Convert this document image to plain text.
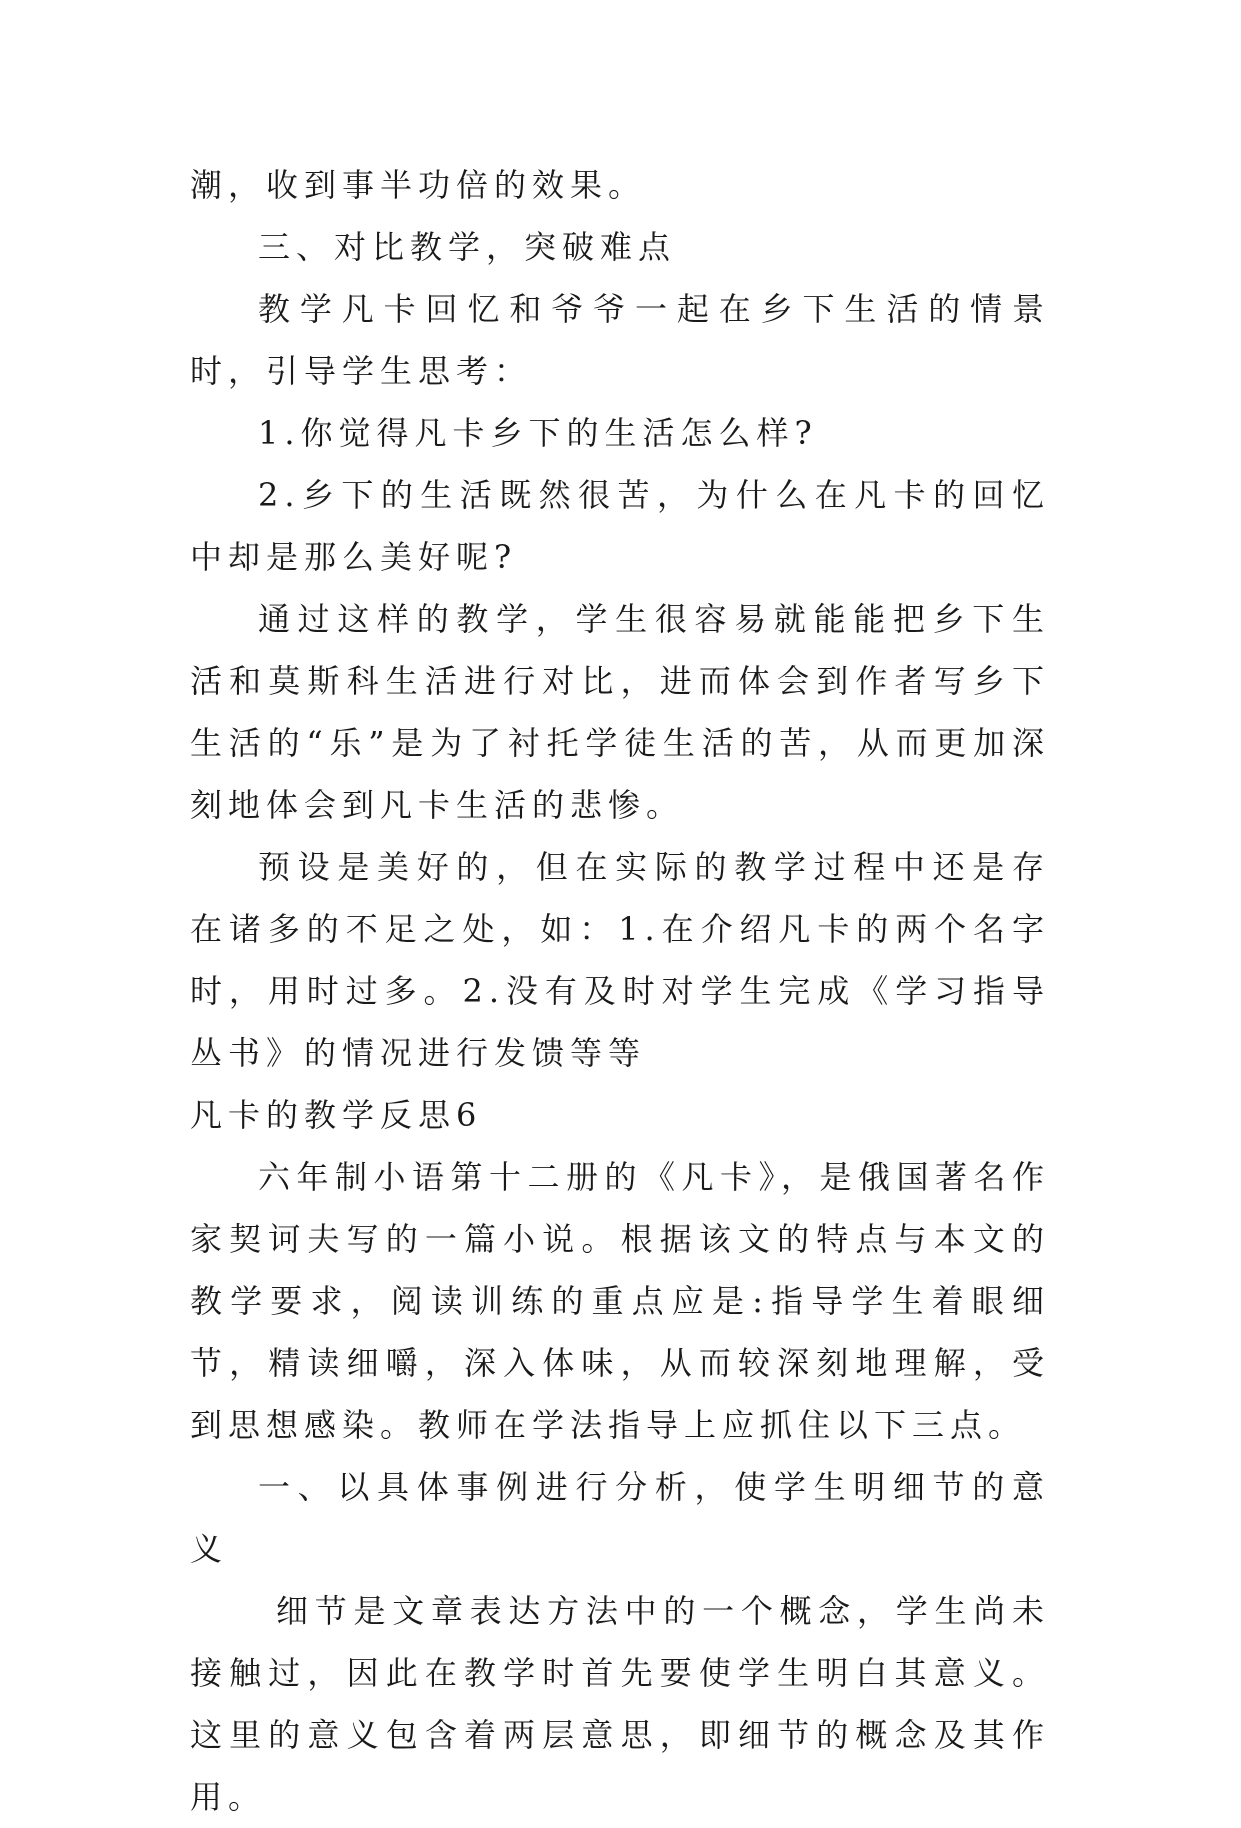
潮，收到事半功倍的效果。

三、对比教学，突破难点

教学凡卡回忆和爷爷一起在乡下生活的情景时，引导学生思考：

1.你觉得凡卡乡下的生活怎么样?

2.乡下的生活既然很苦，为什么在凡卡的回忆中却是那么美好呢?

通过这样的教学，学生很容易就能能把乡下生活和莫斯科生活进行对比，进而体会到作者写乡下生活的“乐”是为了衬托学徒生活的苦，从而更加深刻地体会到凡卡生活的悲惨。

预设是美好的，但在实际的教学过程中还是存在诸多的不足之处，如：1.在介绍凡卡的两个名字时，用时过多。2.没有及时对学生完成《学习指导丛书》的情况进行发馈等等

凡卡的教学反思6

六年制小语第十二册的《凡卡》，是俄国著名作家契诃夫写的一篇小说。根据该文的特点与本文的教学要求，阅读训练的重点应是:指导学生着眼细节，精读细嚼，深入体味，从而较深刻地理解，受到思想感染。教师在学法指导上应抓住以下三点。

一、以具体事例进行分析，使学生明细节的意义

细节是文章表达方法中的一个概念，学生尚未接触过，因此在教学时首先要使学生明白其意义。这里的意义包含着两层意思，即细节的概念及其作用。
